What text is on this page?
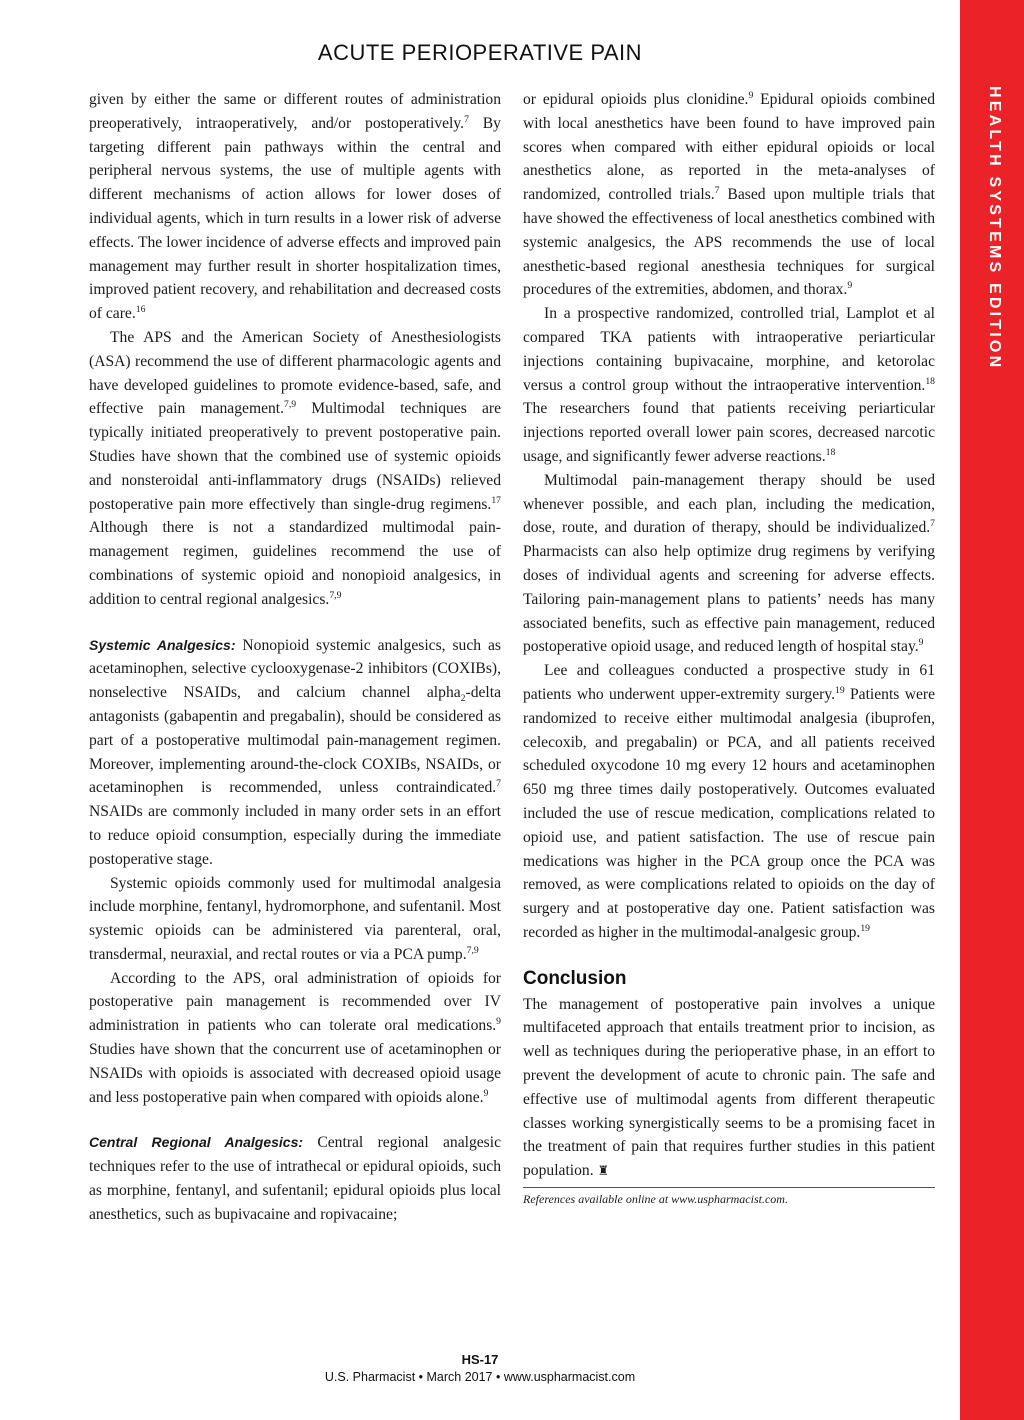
ACUTE PERIOPERATIVE PAIN
HEALTH SYSTEMS EDITION

given by either the same or different routes of administration preoperatively, intraoperatively, and/or postoperatively.$^7$ By targeting different pain pathways within the central and peripheral nervous systems, the use of multiple agents with different mechanisms of action allows for lower doses of individual agents, which in turn results in a lower risk of adverse effects. The lower incidence of adverse effects and improved pain management may further result in shorter hospitalization times, improved patient recovery, and rehabilitation and decreased costs of care.$^{16}$

The APS and the American Society of Anesthesiologists (ASA) recommend the use of different pharmacologic agents and have developed guidelines to promote evidence-based, safe, and effective pain management.$^{7,9}$ Multimodal techniques are typically initiated preoperatively to prevent postoperative pain. Studies have shown that the combined use of systemic opioids and nonsteroidal anti-inflammatory drugs (NSAIDs) relieved postoperative pain more effectively than single-drug regimens.$^{17}$ Although there is not a standardized multimodal pain-management regimen, guidelines recommend the use of combinations of systemic opioid and nonopioid analgesics, in addition to central regional analgesics.$^{7,9}$

Systemic Analgesics: Nonopioid systemic analgesics, such as acetaminophen, selective cyclooxygenase-2 inhibitors (COXIBs), nonselective NSAIDs, and calcium channel alpha$_2$-delta antagonists (gabapentin and pregabalin), should be considered as part of a postoperative multimodal pain-management regimen. Moreover, implementing around-the-clock COXIBs, NSAIDs, or acetaminophen is recommended, unless contraindicated.$^7$ NSAIDs are commonly included in many order sets in an effort to reduce opioid consumption, especially during the immediate postoperative stage.

Systemic opioids commonly used for multimodal analgesia include morphine, fentanyl, hydromorphone, and sufentanil. Most systemic opioids can be administered via parenteral, oral, transdermal, neuraxial, and rectal routes or via a PCA pump.$^{7,9}$

According to the APS, oral administration of opioids for postoperative pain management is recommended over IV administration in patients who can tolerate oral medications.$^9$ Studies have shown that the concurrent use of acetaminophen or NSAIDs with opioids is associated with decreased opioid usage and less postoperative pain when compared with opioids alone.$^9$

Central Regional Analgesics: Central regional analgesic techniques refer to the use of intrathecal or epidural opioids, such as morphine, fentanyl, and sufentanil; epidural opioids plus local anesthetics, such as bupivacaine and ropivacaine;

or epidural opioids plus clonidine.$^9$ Epidural opioids combined with local anesthetics have been found to have improved pain scores when compared with either epidural opioids or local anesthetics alone, as reported in the meta-analyses of randomized, controlled trials.$^7$ Based upon multiple trials that have showed the effectiveness of local anesthetics combined with systemic analgesics, the APS recommends the use of local anesthetic-based regional anesthesia techniques for surgical procedures of the extremities, abdomen, and thorax.$^9$

In a prospective randomized, controlled trial, Lamplot et al compared TKA patients with intraoperative periarticular injections containing bupivacaine, morphine, and ketorolac versus a control group without the intraoperative intervention.$^{18}$ The researchers found that patients receiving periarticular injections reported overall lower pain scores, decreased narcotic usage, and significantly fewer adverse reactions.$^{18}$

Multimodal pain-management therapy should be used whenever possible, and each plan, including the medication, dose, route, and duration of therapy, should be individualized.$^7$ Pharmacists can also help optimize drug regimens by verifying doses of individual agents and screening for adverse effects. Tailoring pain-management plans to patients’ needs has many associated benefits, such as effective pain management, reduced postoperative opioid usage, and reduced length of hospital stay.$^9$

Lee and colleagues conducted a prospective study in 61 patients who underwent upper-extremity surgery.$^{19}$ Patients were randomized to receive either multimodal analgesia (ibuprofen, celecoxib, and pregabalin) or PCA, and all patients received scheduled oxycodone 10 mg every 12 hours and acetaminophen 650 mg three times daily postoperatively. Outcomes evaluated included the use of rescue medication, complications related to opioid use, and patient satisfaction. The use of rescue pain medications was higher in the PCA group once the PCA was removed, as were complications related to opioids on the day of surgery and at postoperative day one. Patient satisfaction was recorded as higher in the multimodal-analgesic group.$^{19}$

Conclusion

The management of postoperative pain involves a unique multifaceted approach that entails treatment prior to incision, as well as techniques during the perioperative phase, in an effort to prevent the development of acute to chronic pain. The safe and effective use of multimodal agents from different therapeutic classes working synergistically seems to be a promising facet in the treatment of pain that requires further studies in this patient population. ♜

References available online at www.uspharmacist.com.
HS-17
U.S. Pharmacist • March 2017 • www.uspharmacist.com
